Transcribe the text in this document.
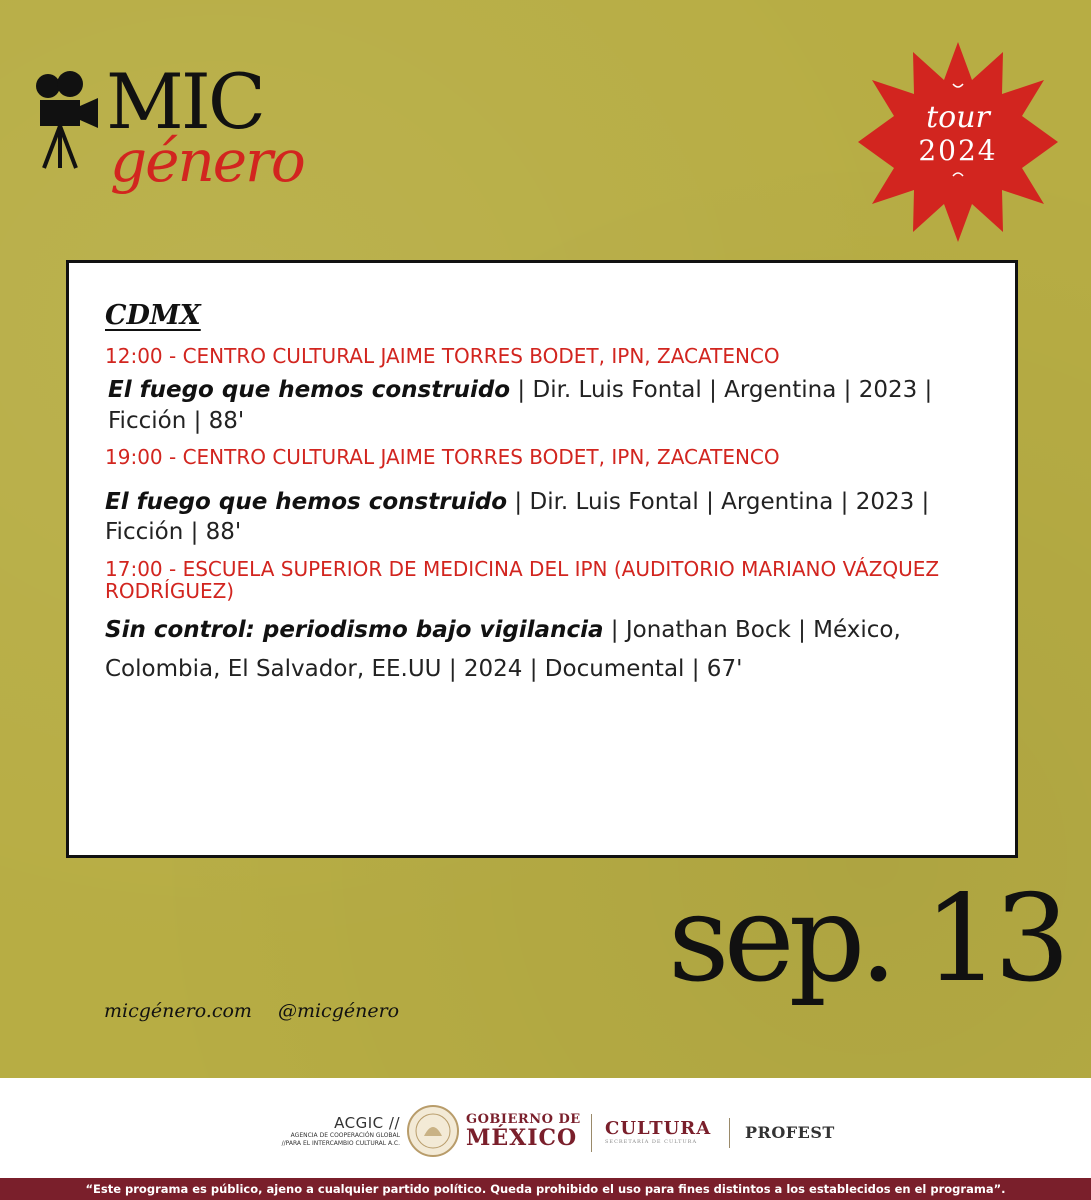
MIC
género
tour
2024
CDMX
12:00 - CENTRO CULTURAL JAIME TORRES BODET, IPN, ZACATENCO
El fuego que hemos construido | Dir. Luis Fontal | Argentina | 2023 | Ficción | 88'
19:00 - CENTRO CULTURAL JAIME TORRES BODET, IPN, ZACATENCO
El fuego que hemos construido | Dir. Luis Fontal | Argentina | 2023 | Ficción | 88'
17:00 - ESCUELA SUPERIOR DE MEDICINA DEL IPN (AUDITORIO MARIANO VÁZQUEZ RODRÍGUEZ)
Sin control: periodismo bajo vigilancia | Jonathan Bock | México, Colombia, El Salvador, EE.UU | 2024 | Documental | 67'
sep. 13
micgénero.com @micgénero
ACGIC //
AGENCIA DE COOPERACIÓN GLOBAL
//PARA EL INTERCAMBIO CULTURAL A.C.
GOBIERNO DE
MÉXICO CULTURA
SECRETARÍA DE CULTURA	PROFEST
“Este programa es público, ajeno a cualquier partido político. Queda prohibido el uso para fines distintos a los establecidos en el programa”.
